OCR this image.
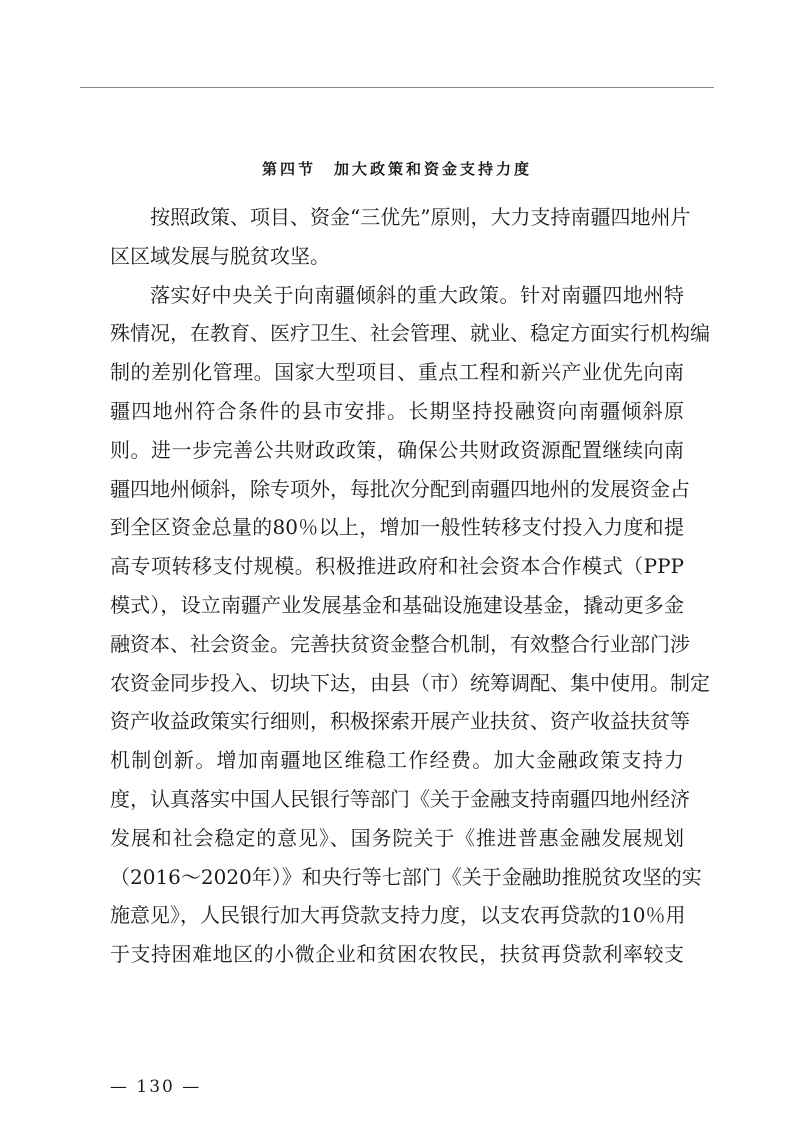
第四节　加大政策和资金支持力度

按照政策、项目、资金“三优先”原则，大力支持南疆四地州片
区区域发展与脱贫攻坚。

落实好中央关于向南疆倾斜的重大政策。针对南疆四地州特
殊情况，在教育、医疗卫生、社会管理、就业、稳定方面实行机构编
制的差别化管理。国家大型项目、重点工程和新兴产业优先向南
疆四地州符合条件的县市安排。长期坚持投融资向南疆倾斜原
则。进一步完善公共财政政策，确保公共财政资源配置继续向南
疆四地州倾斜，除专项外，每批次分配到南疆四地州的发展资金占
到全区资金总量的80％以上，增加一般性转移支付投入力度和提
高专项转移支付规模。积极推进政府和社会资本合作模式（PPP
模式），设立南疆产业发展基金和基础设施建设基金，撬动更多金
融资本、社会资金。完善扶贫资金整合机制，有效整合行业部门涉
农资金同步投入、切块下达，由县（市）统筹调配、集中使用。制定
资产收益政策实行细则，积极探索开展产业扶贫、资产收益扶贫等
机制创新。增加南疆地区维稳工作经费。加大金融政策支持力
度，认真落实中国人民银行等部门《关于金融支持南疆四地州经济
发展和社会稳定的意见》、国务院关于《推进普惠金融发展规划
（2016～2020年）》和央行等七部门《关于金融助推脱贫攻坚的实
施意见》，人民银行加大再贷款支持力度，以支农再贷款的10％用
于支持困难地区的小微企业和贫困农牧民，扶贫再贷款利率较支

— 130 —
